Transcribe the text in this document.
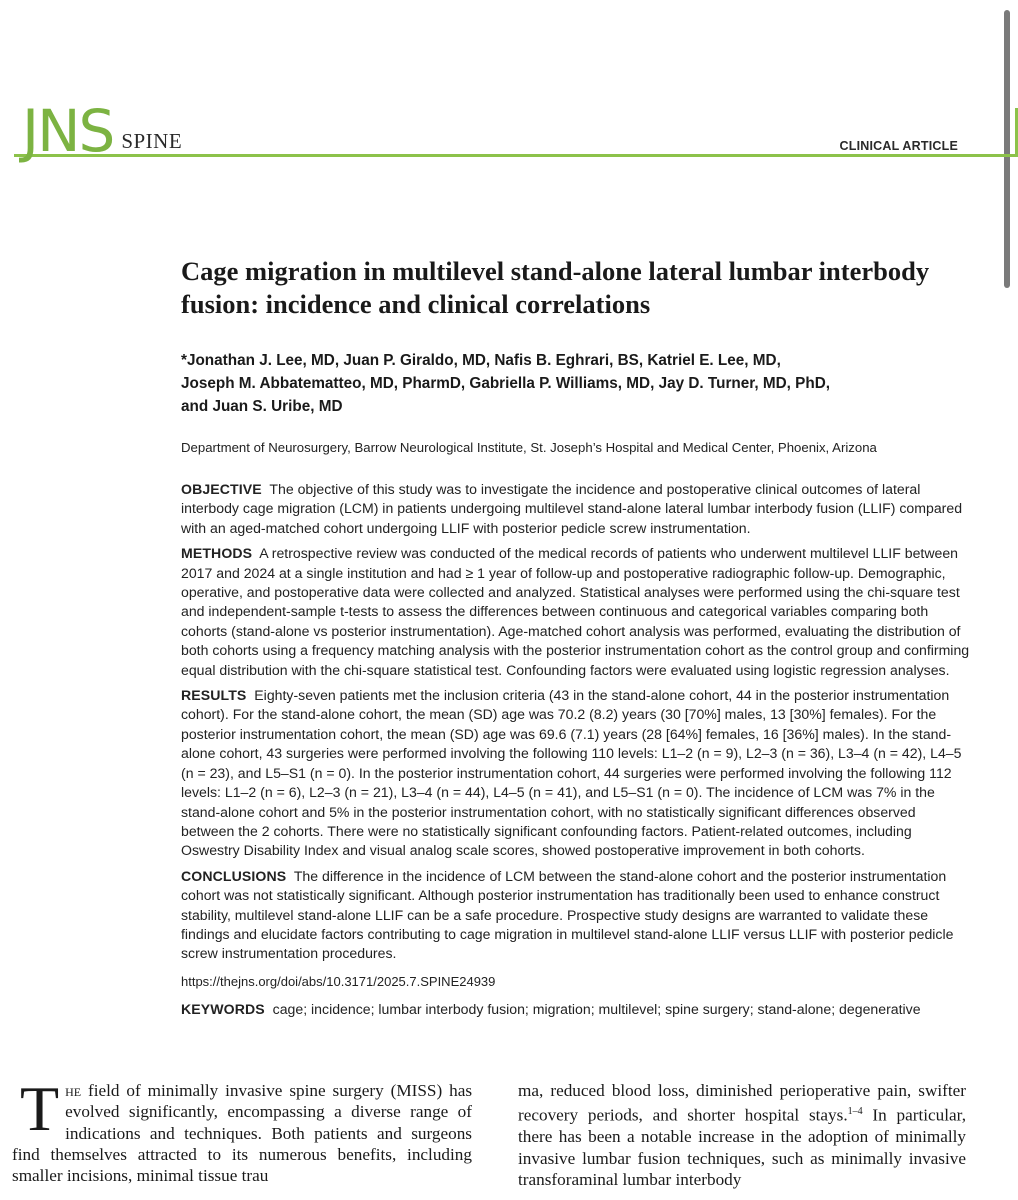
JNS SPINE	CLINICAL ARTICLE
Cage migration in multilevel stand-alone lateral lumbar interbody fusion: incidence and clinical correlations
*Jonathan J. Lee, MD, Juan P. Giraldo, MD, Nafis B. Eghrari, BS, Katriel E. Lee, MD,
Joseph M. Abbatematteo, MD, PharmD, Gabriella P. Williams, MD, Jay D. Turner, MD, PhD,
and Juan S. Uribe, MD
Department of Neurosurgery, Barrow Neurological Institute, St. Joseph’s Hospital and Medical Center, Phoenix, Arizona

OBJECTIVE The objective of this study was to investigate the incidence and postoperative clinical outcomes of lateral interbody cage migration (LCM) in patients undergoing multilevel stand-alone lateral lumbar interbody fusion (LLIF) compared with an aged-matched cohort undergoing LLIF with posterior pedicle screw instrumentation.

METHODS A retrospective review was conducted of the medical records of patients who underwent multilevel LLIF between 2017 and 2024 at a single institution and had ≥ 1 year of follow-up and postoperative radiographic follow-up. Demographic, operative, and postoperative data were collected and analyzed. Statistical analyses were performed using the chi-square test and independent-sample t-tests to assess the differences between continuous and categorical variables comparing both cohorts (stand-alone vs posterior instrumentation). Age-matched cohort analysis was performed, evaluating the distribution of both cohorts using a frequency matching analysis with the posterior instrumentation cohort as the control group and confirming equal distribution with the chi-square statistical test. Confounding factors were evaluated using logistic regression analyses.

RESULTS Eighty-seven patients met the inclusion criteria (43 in the stand-alone cohort, 44 in the posterior instrumentation cohort). For the stand-alone cohort, the mean (SD) age was 70.2 (8.2) years (30 [70%] males, 13 [30%] females). For the posterior instrumentation cohort, the mean (SD) age was 69.6 (7.1) years (28 [64%] females, 16 [36%] males). In the stand-alone cohort, 43 surgeries were performed involving the following 110 levels: L1–2 (n = 9), L2–3 (n = 36), L3–4 (n = 42), L4–5 (n = 23), and L5–S1 (n = 0). In the posterior instrumentation cohort, 44 surgeries were performed involving the following 112 levels: L1–2 (n = 6), L2–3 (n = 21), L3–4 (n = 44), L4–5 (n = 41), and L5–S1 (n = 0). The incidence of LCM was 7% in the stand-alone cohort and 5% in the posterior instrumentation cohort, with no statistically significant differences observed between the 2 cohorts. There were no statistically significant confounding factors. Patient-related outcomes, including Oswestry Disability Index and visual analog scale scores, showed postoperative improvement in both cohorts.

CONCLUSIONS The difference in the incidence of LCM between the stand-alone cohort and the posterior instrumentation cohort was not statistically significant. Although posterior instrumentation has traditionally been used to enhance construct stability, multilevel stand-alone LLIF can be a safe procedure. Prospective study designs are warranted to validate these findings and elucidate factors contributing to cage migration in multilevel stand-alone LLIF versus LLIF with posterior pedicle screw instrumentation procedures.

https://thejns.org/doi/abs/10.3171/2025.7.SPINE24939

KEYWORDS cage; incidence; lumbar interbody fusion; migration; multilevel; spine surgery; stand-alone; degenerative

The field of minimally invasive spine surgery (MISS) has evolved significantly, encompassing a diverse range of indications and techniques. Both patients and surgeons find themselves attracted to its numerous benefits, including smaller incisions, minimal tissue trau

ma, reduced blood loss, diminished perioperative pain, swifter recovery periods, and shorter hospital stays.$^{1-4}$ In particular, there has been a notable increase in the adoption of minimally invasive lumbar fusion techniques, such as minimally invasive transforaminal lumbar interbody
